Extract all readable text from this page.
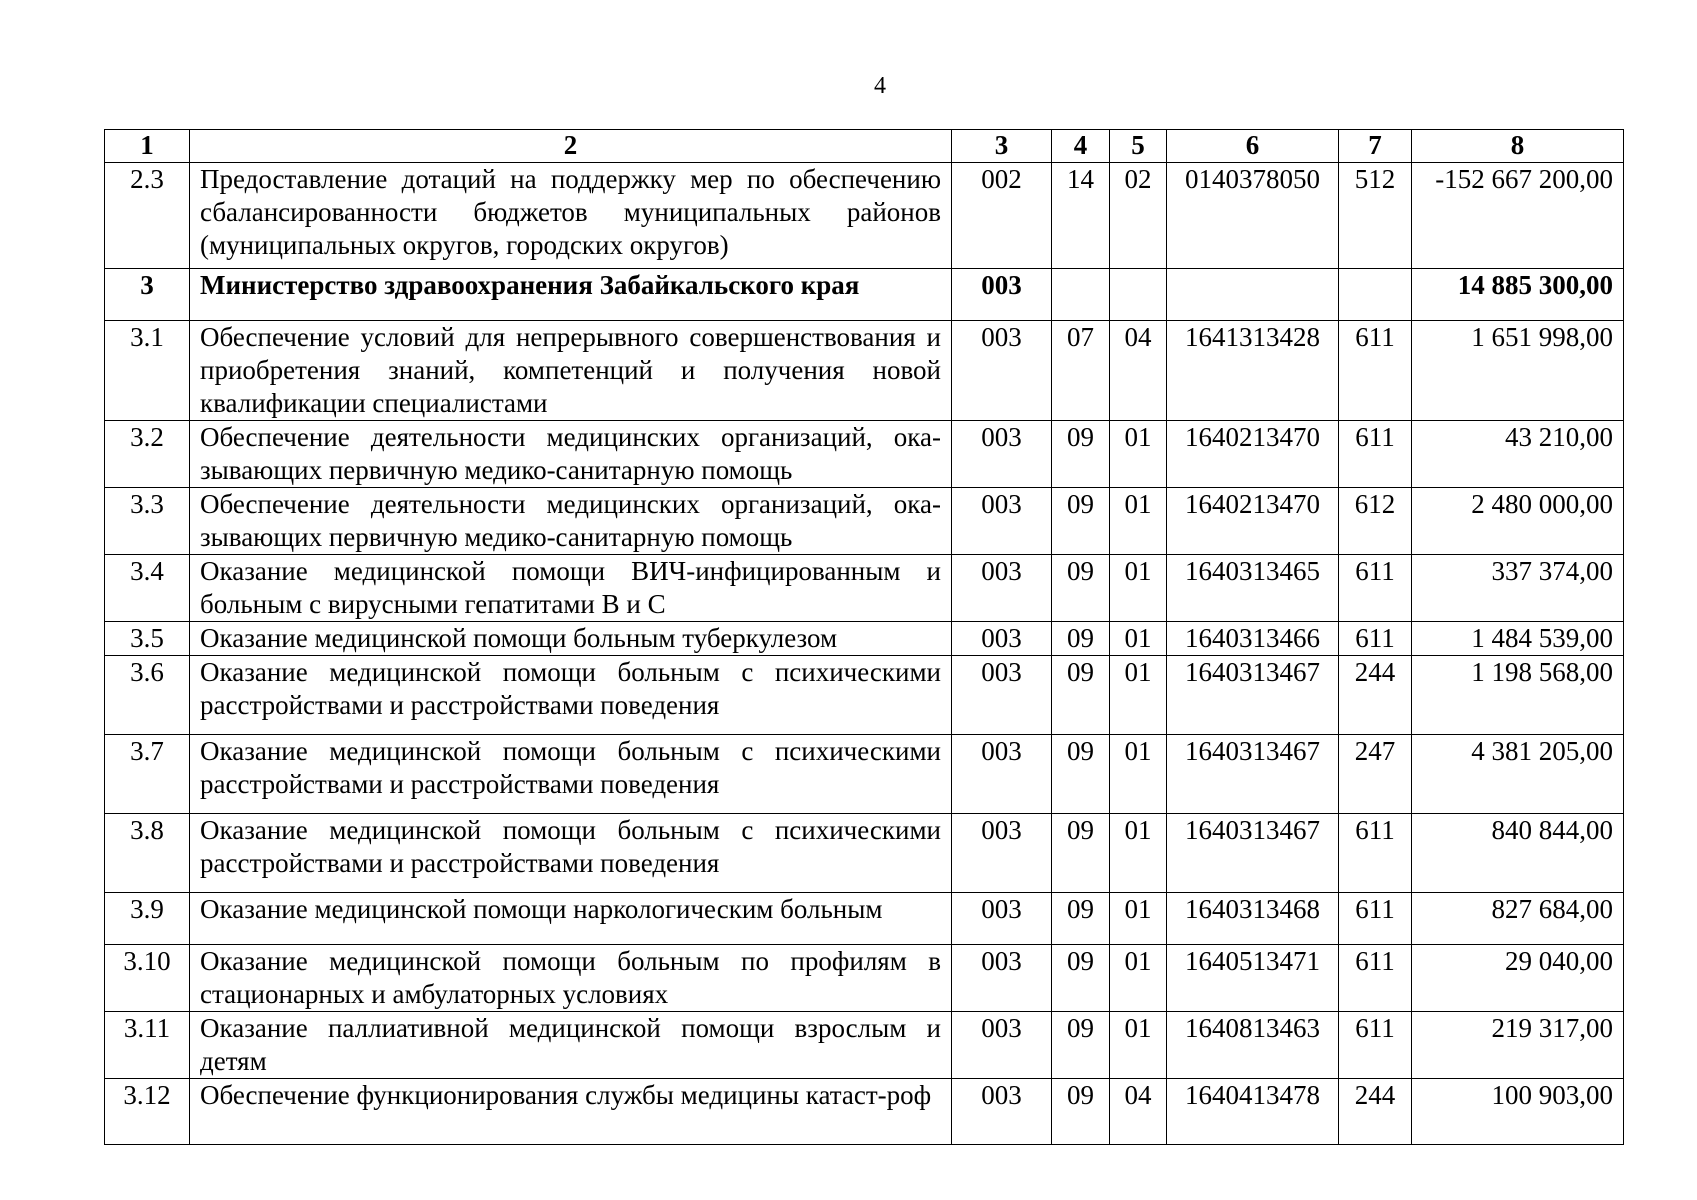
4
1	2	3	4	5	6	7	8
2.3	Предоставление дотаций на поддержку мер по обеспечению сбалансированности бюджетов муниципальных районов (муниципальных округов, городских округов)	002	14	02	0140378050	512	-152 667 200,00
3	Министерство здравоохранения Забайкальского края	003					14 885 300,00
3.1	Обеспечение условий для непрерывного совершенствования и приобретения знаний, компетенций и получения новой квалификации специалистами	003	07	04	1641313428	611	1 651 998,00
3.2	Обеспечение деятельности медицинских организаций, ока-зывающих первичную медико-санитарную помощь	003	09	01	1640213470	611	43 210,00
3.3	Обеспечение деятельности медицинских организаций, ока-зывающих первичную медико-санитарную помощь	003	09	01	1640213470	612	2 480 000,00
3.4	Оказание медицинской помощи ВИЧ-инфицированным и больным с вирусными гепатитами В и С	003	09	01	1640313465	611	337 374,00
3.5	Оказание медицинской помощи больным туберкулезом	003	09	01	1640313466	611	1 484 539,00
3.6	Оказание медицинской помощи больным с психическими расстройствами и расстройствами поведения	003	09	01	1640313467	244	1 198 568,00
3.7	Оказание медицинской помощи больным с психическими расстройствами и расстройствами поведения	003	09	01	1640313467	247	4 381 205,00
3.8	Оказание медицинской помощи больным с психическими расстройствами и расстройствами поведения	003	09	01	1640313467	611	840 844,00
3.9	Оказание медицинской помощи наркологическим больным	003	09	01	1640313468	611	827 684,00
3.10	Оказание медицинской помощи больным по профилям в стационарных и амбулаторных условиях	003	09	01	1640513471	611	29 040,00
3.11	Оказание паллиативной медицинской помощи взрослым и детям	003	09	01	1640813463	611	219 317,00
3.12	Обеспечение функционирования службы медицины катаст-роф	003	09	04	1640413478	244	100 903,00
